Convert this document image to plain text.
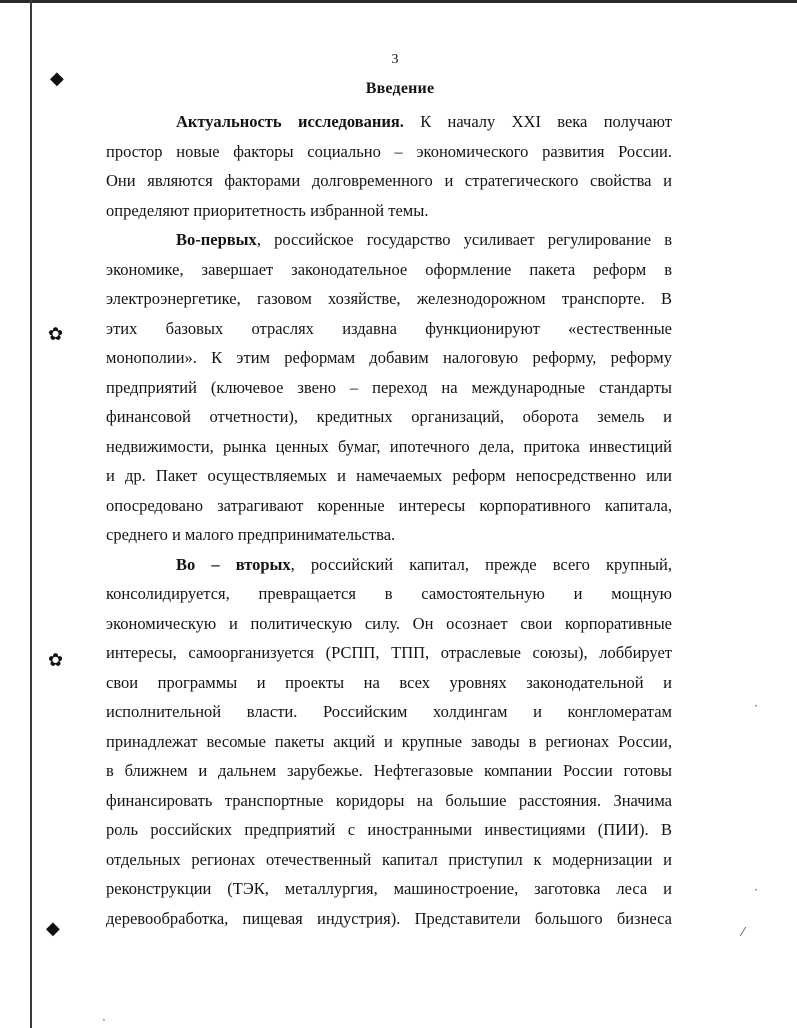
◆
✿
✿
◆
·
·
⁄
·
3
Введение
Актуальность исследования. К началу XXI века получают
простор новые факторы социально – экономического развития России.
Они являются факторами долговременного и стратегического свойства и
определяют приоритетность избранной темы.
Во-первых, российское государство усиливает регулирование в
экономике, завершает законодательное оформление пакета реформ в
электроэнергетике, газовом хозяйстве, железнодорожном транспорте. В
этих базовых отраслях издавна функционируют «естественные
монополии». К этим реформам добавим налоговую реформу, реформу
предприятий (ключевое звено – переход на международные стандарты
финансовой отчетности), кредитных организаций, оборота земель и
недвижимости, рынка ценных бумаг, ипотечного дела, притока инвестиций
и др. Пакет осуществляемых и намечаемых реформ непосредственно или
опосредовано затрагивают коренные интересы корпоративного капитала,
среднего и малого предпринимательства.
Во – вторых, российский капитал, прежде всего крупный,
консолидируется, превращается в самостоятельную и мощную
экономическую и политическую силу. Он осознает свои корпоративные
интересы, самоорганизуется (РСПП, ТПП, отраслевые союзы), лоббирует
свои программы и проекты на всех уровнях законодательной и
исполнительной власти. Российским холдингам и конгломератам
принадлежат весомые пакеты акций и крупные заводы в регионах России,
в ближнем и дальнем зарубежье. Нефтегазовые компании России готовы
финансировать транспортные коридоры на большие расстояния. Значима
роль российских предприятий с иностранными инвестициями (ПИИ). В
отдельных регионах отечественный капитал приступил к модернизации и
реконструкции (ТЭК, металлургия, машиностроение, заготовка леса и
деревообработка, пищевая индустрия). Представители большого бизнеса
